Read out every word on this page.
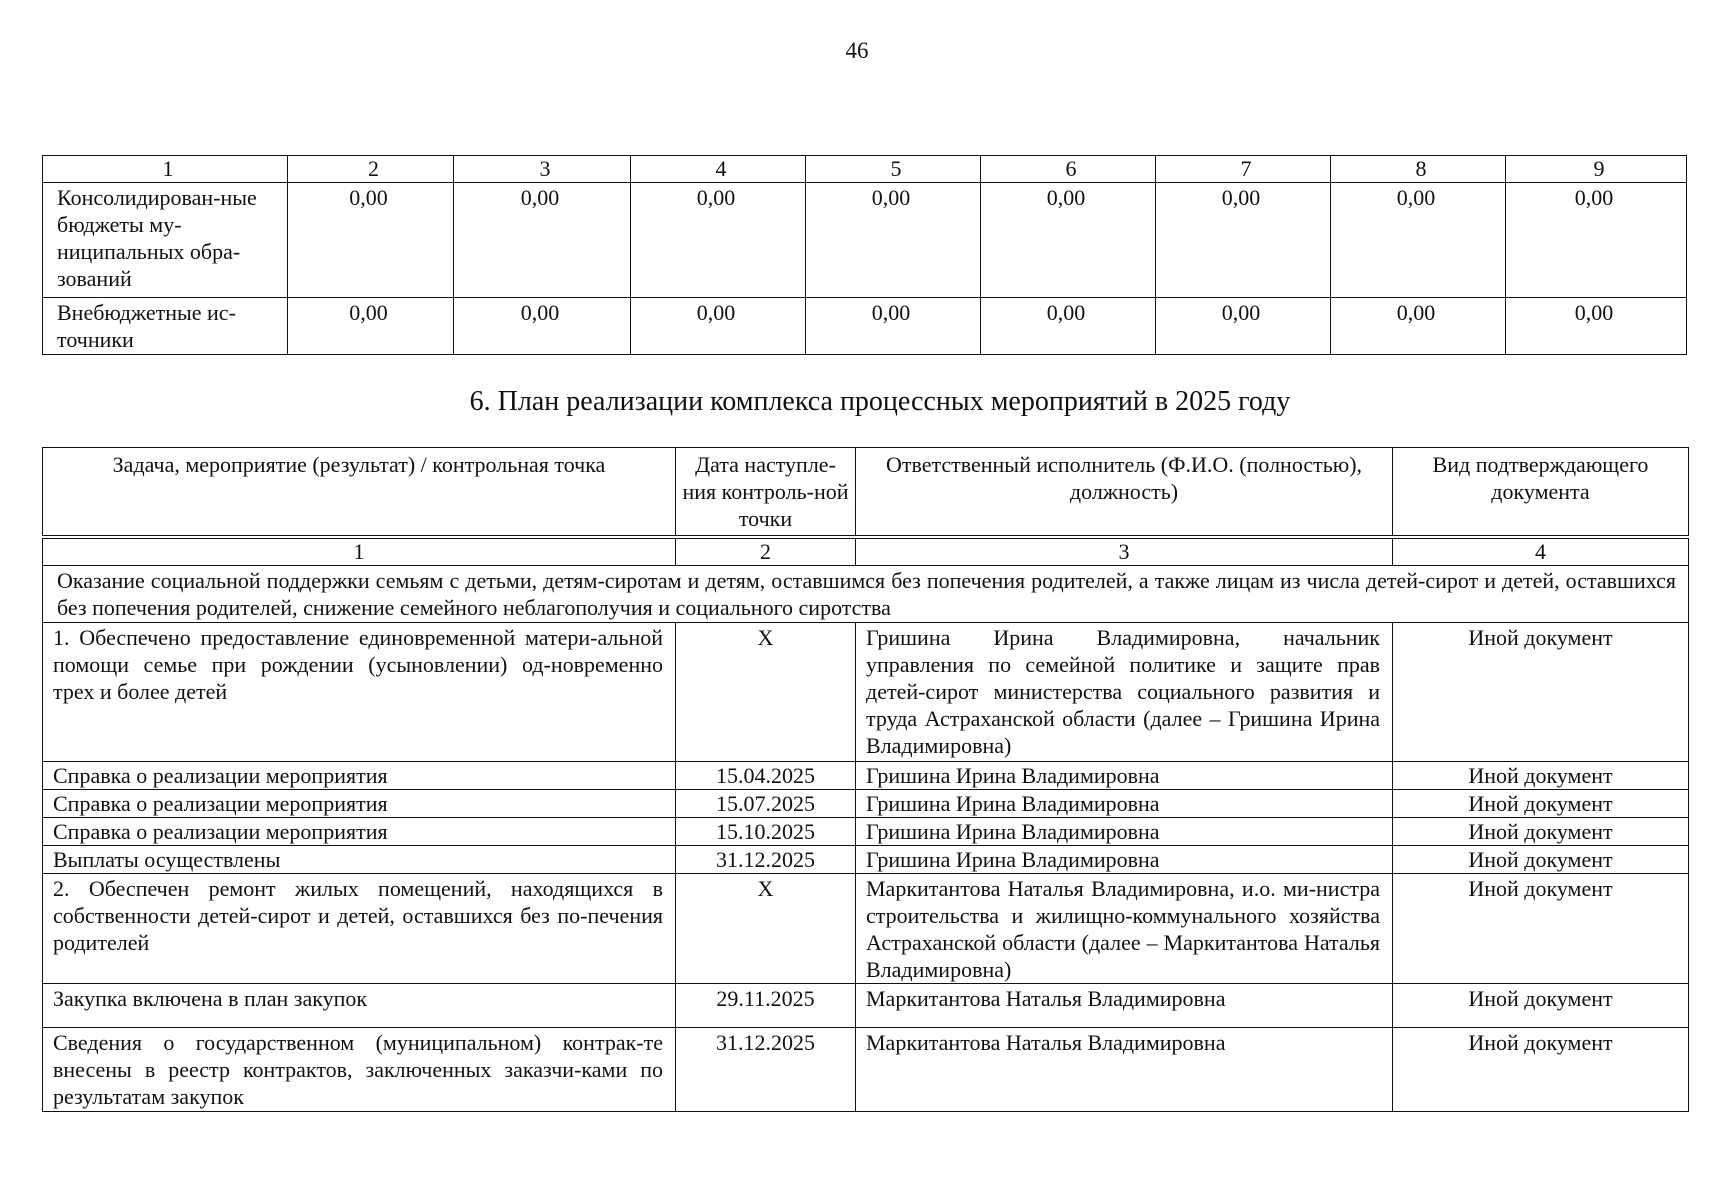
46
1	2	3	4	5	6	7	8	9
Консолидирован-ные бюджеты му-ниципальных обра-зований	0,00	0,00	0,00	0,00	0,00	0,00	0,00	0,00
Внебюджетные ис-точники	0,00	0,00	0,00	0,00	0,00	0,00	0,00	0,00
6. План реализации комплекса процессных мероприятий в 2025 году
Задача, мероприятие (результат) / контрольная точка	Дата наступле-ния контроль-ной точки	Ответственный исполнитель (Ф.И.О. (полностью), должность)	Вид подтверждающего документа
1	2	3	4
Оказание социальной поддержки семьям с детьми, детям-сиротам и детям, оставшимся без попечения родителей, а также лицам из числа детей-сирот и детей, оставшихся без попечения родителей, снижение семейного неблагополучия и социального сиротства			
1. Обеспечено предоставление единовременной матери-альной помощи семье при рождении (усыновлении) од-новременно трех и более детей	X	Гришина Ирина Владимировна, начальник управления по семейной политике и защите прав детей-сирот министерства социального развития и труда Астраханской области (далее – Гришина Ирина Владимировна)	Иной документ
Справка о реализации мероприятия	15.04.2025	Гришина Ирина Владимировна	Иной документ
Справка о реализации мероприятия	15.07.2025	Гришина Ирина Владимировна	Иной документ
Справка о реализации мероприятия	15.10.2025	Гришина Ирина Владимировна	Иной документ
Выплаты осуществлены	31.12.2025	Гришина Ирина Владимировна	Иной документ
2. Обеспечен ремонт жилых помещений, находящихся в собственности детей-сирот и детей, оставшихся без по-печения родителей	X	Маркитантова Наталья Владимировна, и.о. ми-нистра строительства и жилищно-коммунального хозяйства Астраханской области (далее – Маркитантова Наталья Владимировна)	Иной документ
Закупка включена в план закупок	29.11.2025	Маркитантова Наталья Владимировна	Иной документ
Сведения о государственном (муниципальном) контрак-те внесены в реестр контрактов, заключенных заказчи-ками по результатам закупок	31.12.2025	Маркитантова Наталья Владимировна	Иной документ
